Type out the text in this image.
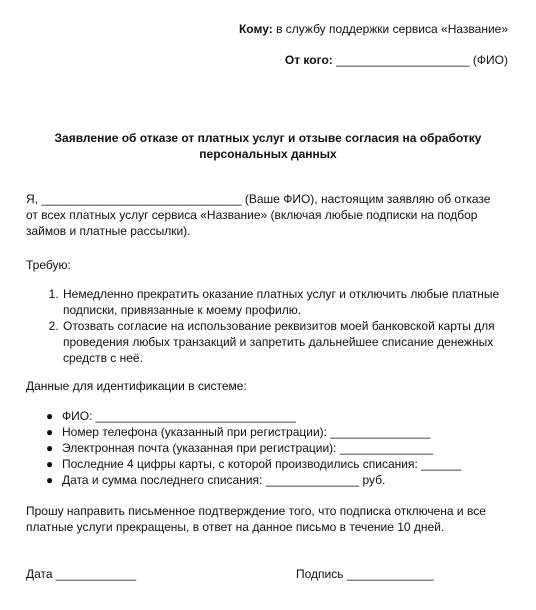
Кому: в службу поддержки сервиса «Название»
От кого: ____________________ (ФИО)
Заявление об отказе от платных услуг и отзыве согласия на обработку
персональных данных
Я, ______________________________ (Ваше ФИО), настоящим заявляю об отказе
от всех платных услуг сервиса «Название» (включая любые подписки на подбор
займов и платные рассылки).
Требую:
1. Немедленно прекратить оказание платных услуг и отключить любые платные
подписки, привязанные к моему профилю.
2. Отозвать согласие на использование реквизитов моей банковской карты для
проведения любых транзакций и запретить дальнейшее списание денежных
средств с неё.
Данные для идентификации в системе:
● ФИО: ______________________________
● Номер телефона (указанный при регистрации): _______________
● Электронная почта (указанная при регистрации): ______________
● Последние 4 цифры карты, с которой производились списания: ______
● Дата и сумма последнего списания: ______________ руб.
Прошу направить письменное подтверждение того, что подписка отключена и все
платные услуги прекращены, в ответ на данное письмо в течение 10 дней.
Дата ____________	Подпись _____________
